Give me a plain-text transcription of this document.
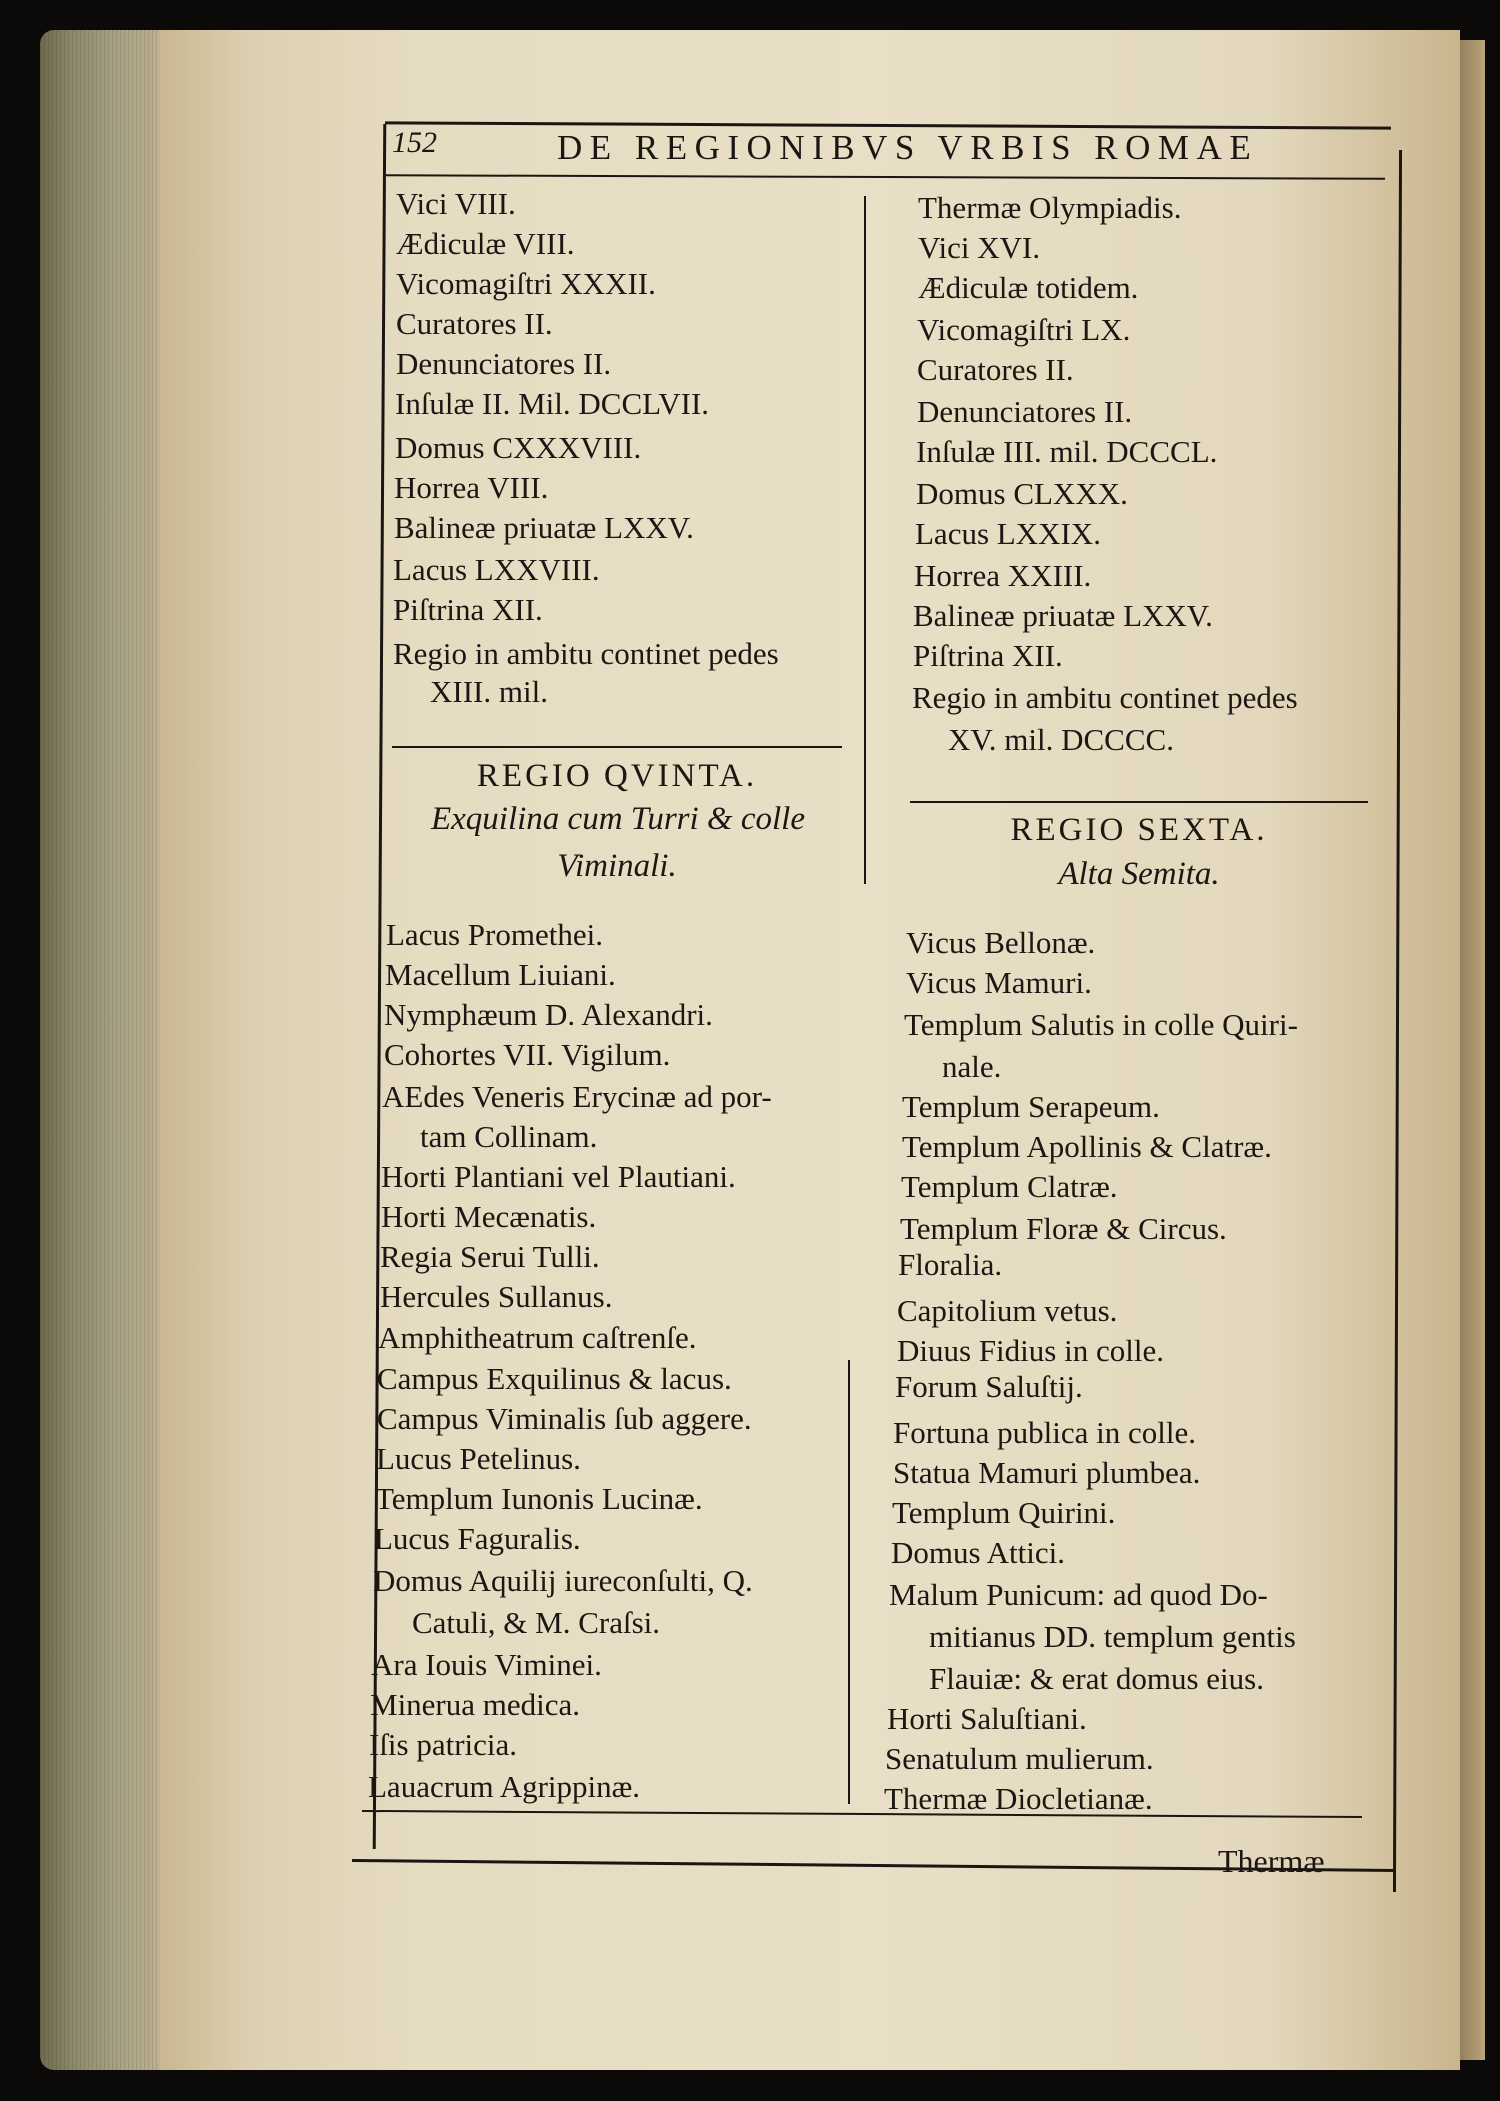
152	DE REGIONIBVS VRBIS ROMAE
Vici VIII.
Ædiculæ VIII.
Vicomagiſtri XXXII.
Curatores II.
Denunciatores II.
Inſulæ II. Mil. DCCLVII.
Domus CXXXVIII.
Horrea VIII.
Balineæ priuatæ LXXV.
Lacus LXXVIII.
Piſtrina XII.
Regio in ambitu continet pedes
XIII. mil.
REGIO QVINTA.
Exquilina cum Turri & colle
Viminali.
Lacus Promethei.
Macellum Liuiani.
Nymphæum D. Alexandri.
Cohortes VII. Vigilum.
AEdes Veneris Erycinæ ad por-
tam Collinam.
Horti Plantiani vel Plautiani.
Horti Mecænatis.
Regia Serui Tulli.
Hercules Sullanus.
Amphitheatrum caſtrenſe.
Campus Exquilinus & lacus.
Campus Viminalis ſub aggere.
Lucus Petelinus.
Templum Iunonis Lucinæ.
Lucus Faguralis.
Domus Aquilij iureconſulti, Q.
Catuli, & M. Craſsi.
Ara Iouis Viminei.
Minerua medica.
Iſis patricia.
Lauacrum Agrippinæ.
Thermæ Olympiadis.
Vici XVI.
Ædiculæ totidem.
Vicomagiſtri LX.
Curatores II.
Denunciatores II.
Inſulæ III. mil. DCCCL.
Domus CLXXX.
Lacus LXXIX.
Horrea XXIII.
Balineæ priuatæ LXXV.
Piſtrina XII.
Regio in ambitu continet pedes
XV. mil. DCCCC.
REGIO SEXTA.
Alta Semita.
Vicus Bellonæ.
Vicus Mamuri.
Templum Salutis in colle Quiri-
nale.
Templum Serapeum.
Templum Apollinis & Clatræ.
Templum Clatræ.
Templum Floræ & Circus.
Floralia.
Capitolium vetus.
Diuus Fidius in colle.
Forum Saluſtij.
Fortuna publica in colle.
Statua Mamuri plumbea.
Templum Quirini.
Domus Attici.
Malum Punicum: ad quod Do-
mitianus DD. templum gentis
Flauiæ: & erat domus eius.
Horti Saluſtiani.
Senatulum mulierum.
Thermæ Diocletianæ.
Thermæ
